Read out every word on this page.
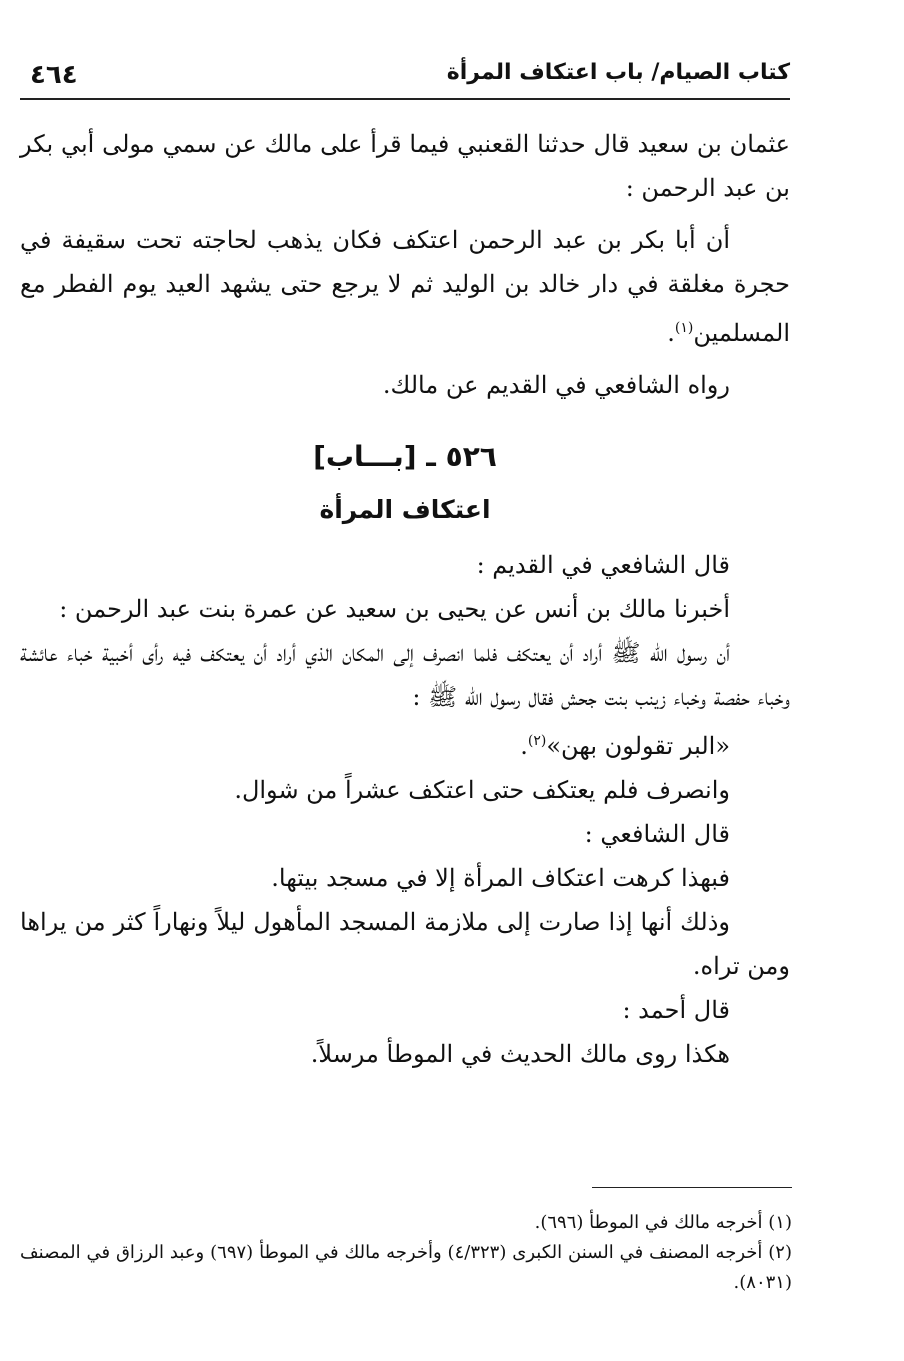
٤٦٤	كتاب الصيام/ باب اعتكاف المرأة

عثمان بن سعيد قال حدثنا القعنبي فيما قرأ على مالك عن سمي مولى أبي بكر بن عبد الرحمن :

أن أبا بكر بن عبد الرحمن اعتكف فكان يذهب لحاجته تحت سقيفة في حجرة مغلقة في دار خالد بن الوليد ثم لا يرجع حتى يشهد العيد يوم الفطر مع المسلمين$^{(١)}$.

رواه الشافعي في القديم عن مالك.

٥٢٦ ـ [بـــاب]
اعتكاف المرأة

قال الشافعي في القديم :

أخبرنا مالك بن أنس عن يحيى بن سعيد عن عمرة بنت عبد الرحمن :

أن رسول الله ﷺ أراد أن يعتكف فلما انصرف إلى المكان الذي أراد أن يعتكف فيه رأى أخبية خباء عائشة وخباء حفصة وخباء زينب بنت جحش فقال رسول الله ﷺ :

«البر تقولون بهن»$^{(٢)}$.

وانصرف فلم يعتكف حتى اعتكف عشراً من شوال.

قال الشافعي :

فبهذا كرهت اعتكاف المرأة إلا في مسجد بيتها.

وذلك أنها إذا صارت إلى ملازمة المسجد المأهول ليلاً ونهاراً كثر من يراها ومن تراه.

قال أحمد :

هكذا روى مالك الحديث في الموطأ مرسلاً.

(١) أخرجه مالك في الموطأ (٦٩٦).

(٢) أخرجه المصنف في السنن الكبرى (٤/٣٢٣) وأخرجه مالك في الموطأ (٦٩٧) وعبد الرزاق في المصنف (٨٠٣١).
